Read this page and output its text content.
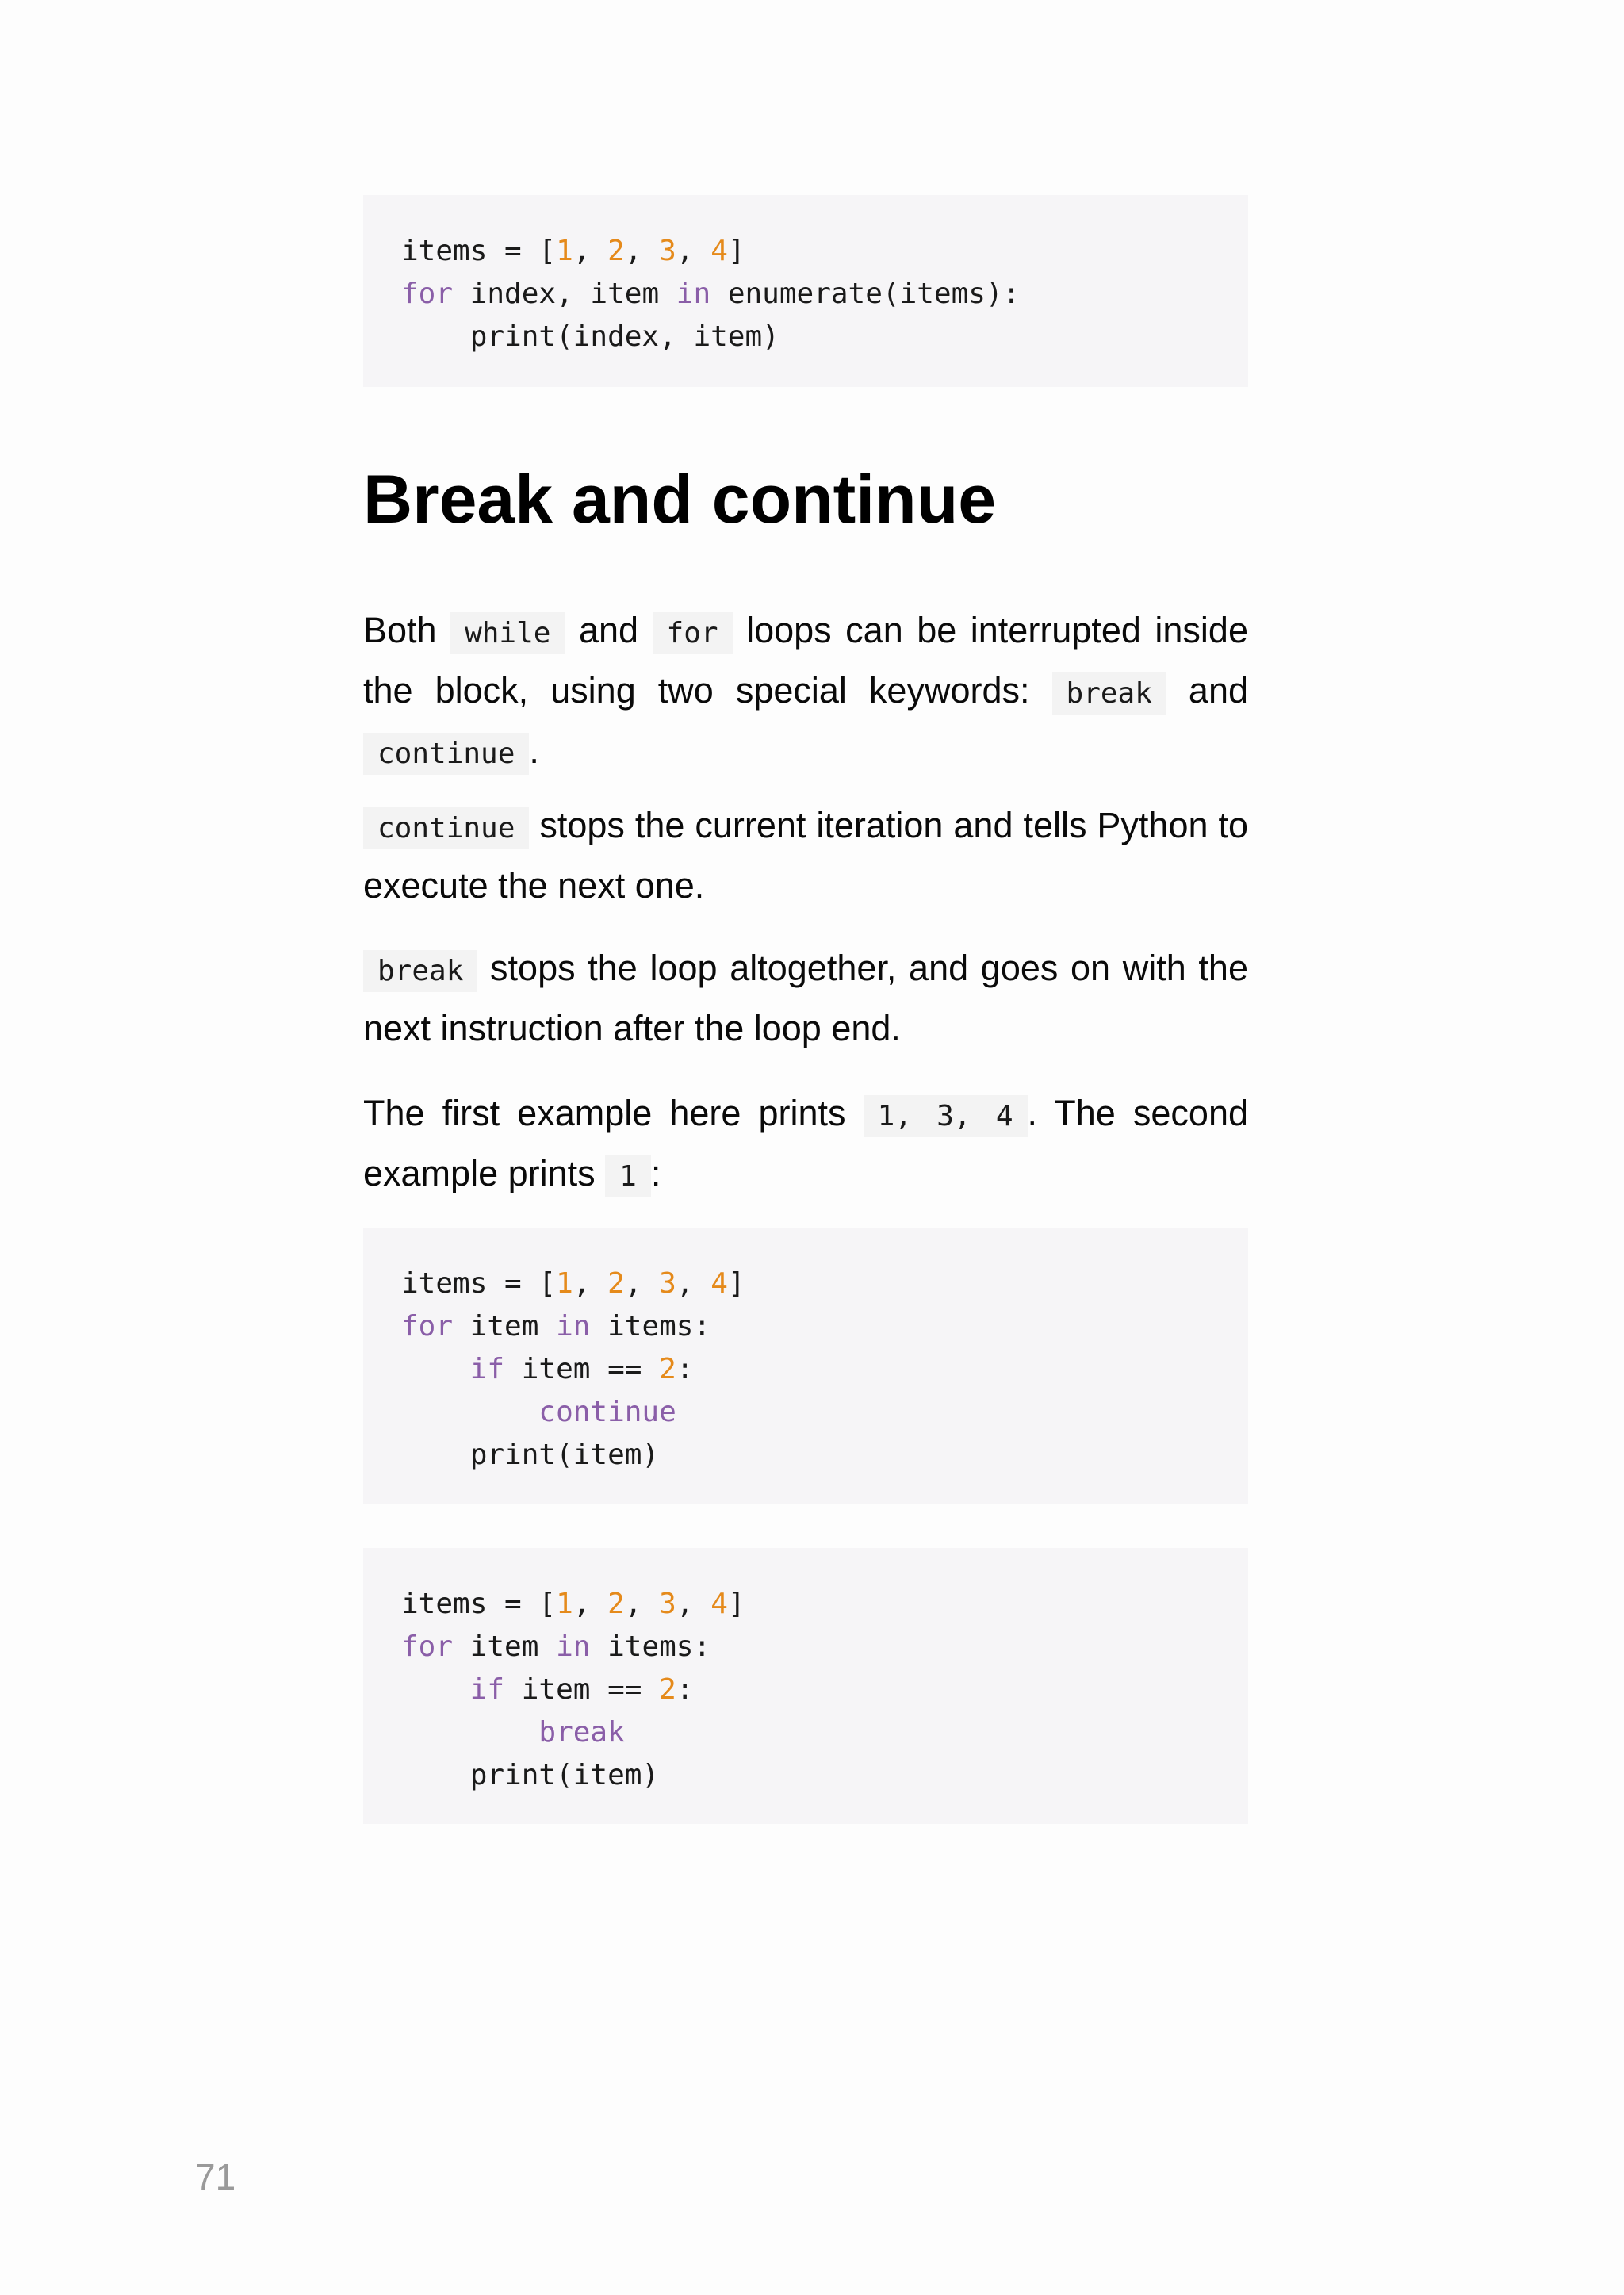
items = [1, 2, 3, 4]
for index, item in enumerate(items):
print(index, item)
Break and continue

Both while and for loops can be interrupted inside the block, using two special keywords: break and continue .

continue stops the current iteration and tells Python to execute the next one.

break stops the loop altogether, and goes on with the next instruction after the loop end.

The first example here prints 1, 3, 4 . The second example prints 1 :

items = [1, 2, 3, 4]
for item in items:
if item == 2:
continue
print(item)
items = [1, 2, 3, 4]
for item in items:
if item == 2:
break
print(item)
71
